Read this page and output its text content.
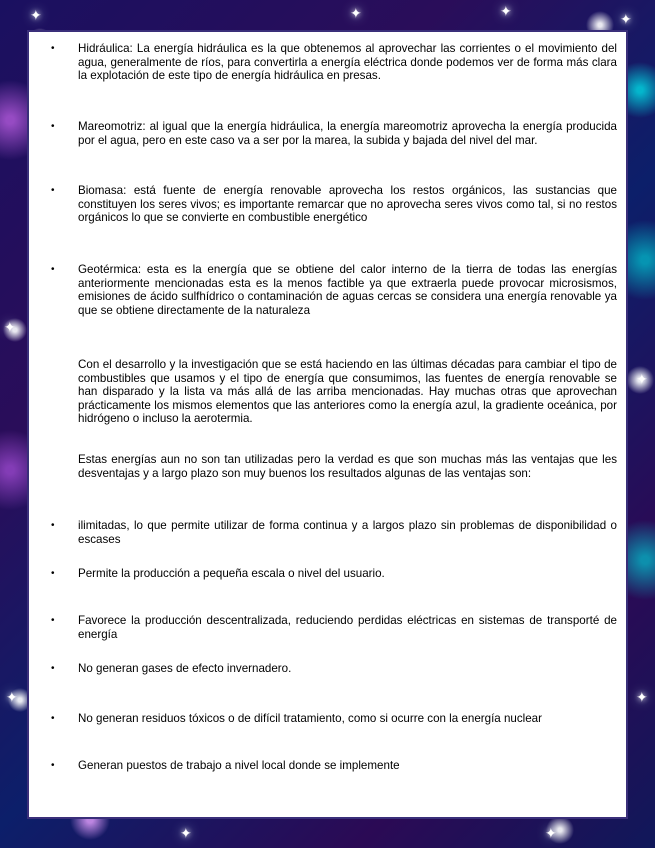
✦	✦	✦	✦
✦
✦
✦	✦
✦	✦
•	Hidráulica: La energía hidráulica es la que obtenemos al aprovechar las corrientes o el movimiento del agua, generalmente de ríos, para convertirla a energía eléctrica donde podemos ver de forma más clara la explotación de este tipo de energía hidráulica en presas.
•	Mareomotriz: al igual que la energía hidráulica, la energía mareomotriz aprovecha la energía producida por el agua, pero en este caso va a ser por la marea, la subida y bajada del nivel del mar.
•	Biomasa: está fuente de energía renovable aprovecha los restos orgánicos, las sustancias que constituyen los seres vivos; es importante remarcar que no aprovecha seres vivos como tal, si no restos orgánicos lo que se convierte en combustible energético
•	Geotérmica: esta es la energía que se obtiene del calor interno de la tierra de todas las energías anteriormente mencionadas esta es la menos factible ya que extraerla puede provocar microsismos, emisiones de ácido sulfhídrico o contaminación de aguas cercas se considera una energía renovable ya que se obtiene directamente de la naturaleza
Con el desarrollo y la investigación que se está haciendo en las últimas décadas para cambiar el tipo de combustibles que usamos y el tipo de energía que consumimos, las fuentes de energía renovable se han disparado y la lista va más allá de las arriba mencionadas. Hay muchas otras que aprovechan prácticamente los mismos elementos que las anteriores como la energía azul, la gradiente oceánica, por hidrógeno o incluso la aerotermia.
Estas energías aun no son tan utilizadas pero la verdad es que son muchas más las ventajas que les desventajas y a largo plazo son muy buenos los resultados algunas de las ventajas son:
•	ilimitadas, lo que permite utilizar de forma continua y a largos plazo sin problemas de disponibilidad o escases
•	Permite la producción a pequeña escala o nivel del usuario.
•	Favorece la producción descentralizada, reduciendo perdidas eléctricas en sistemas de transporté de energía
•	No generan gases de efecto invernadero.
•	No generan residuos tóxicos o de difícil tratamiento, como si ocurre con la energía nuclear
•	Generan puestos de trabajo a nivel local donde se implemente
